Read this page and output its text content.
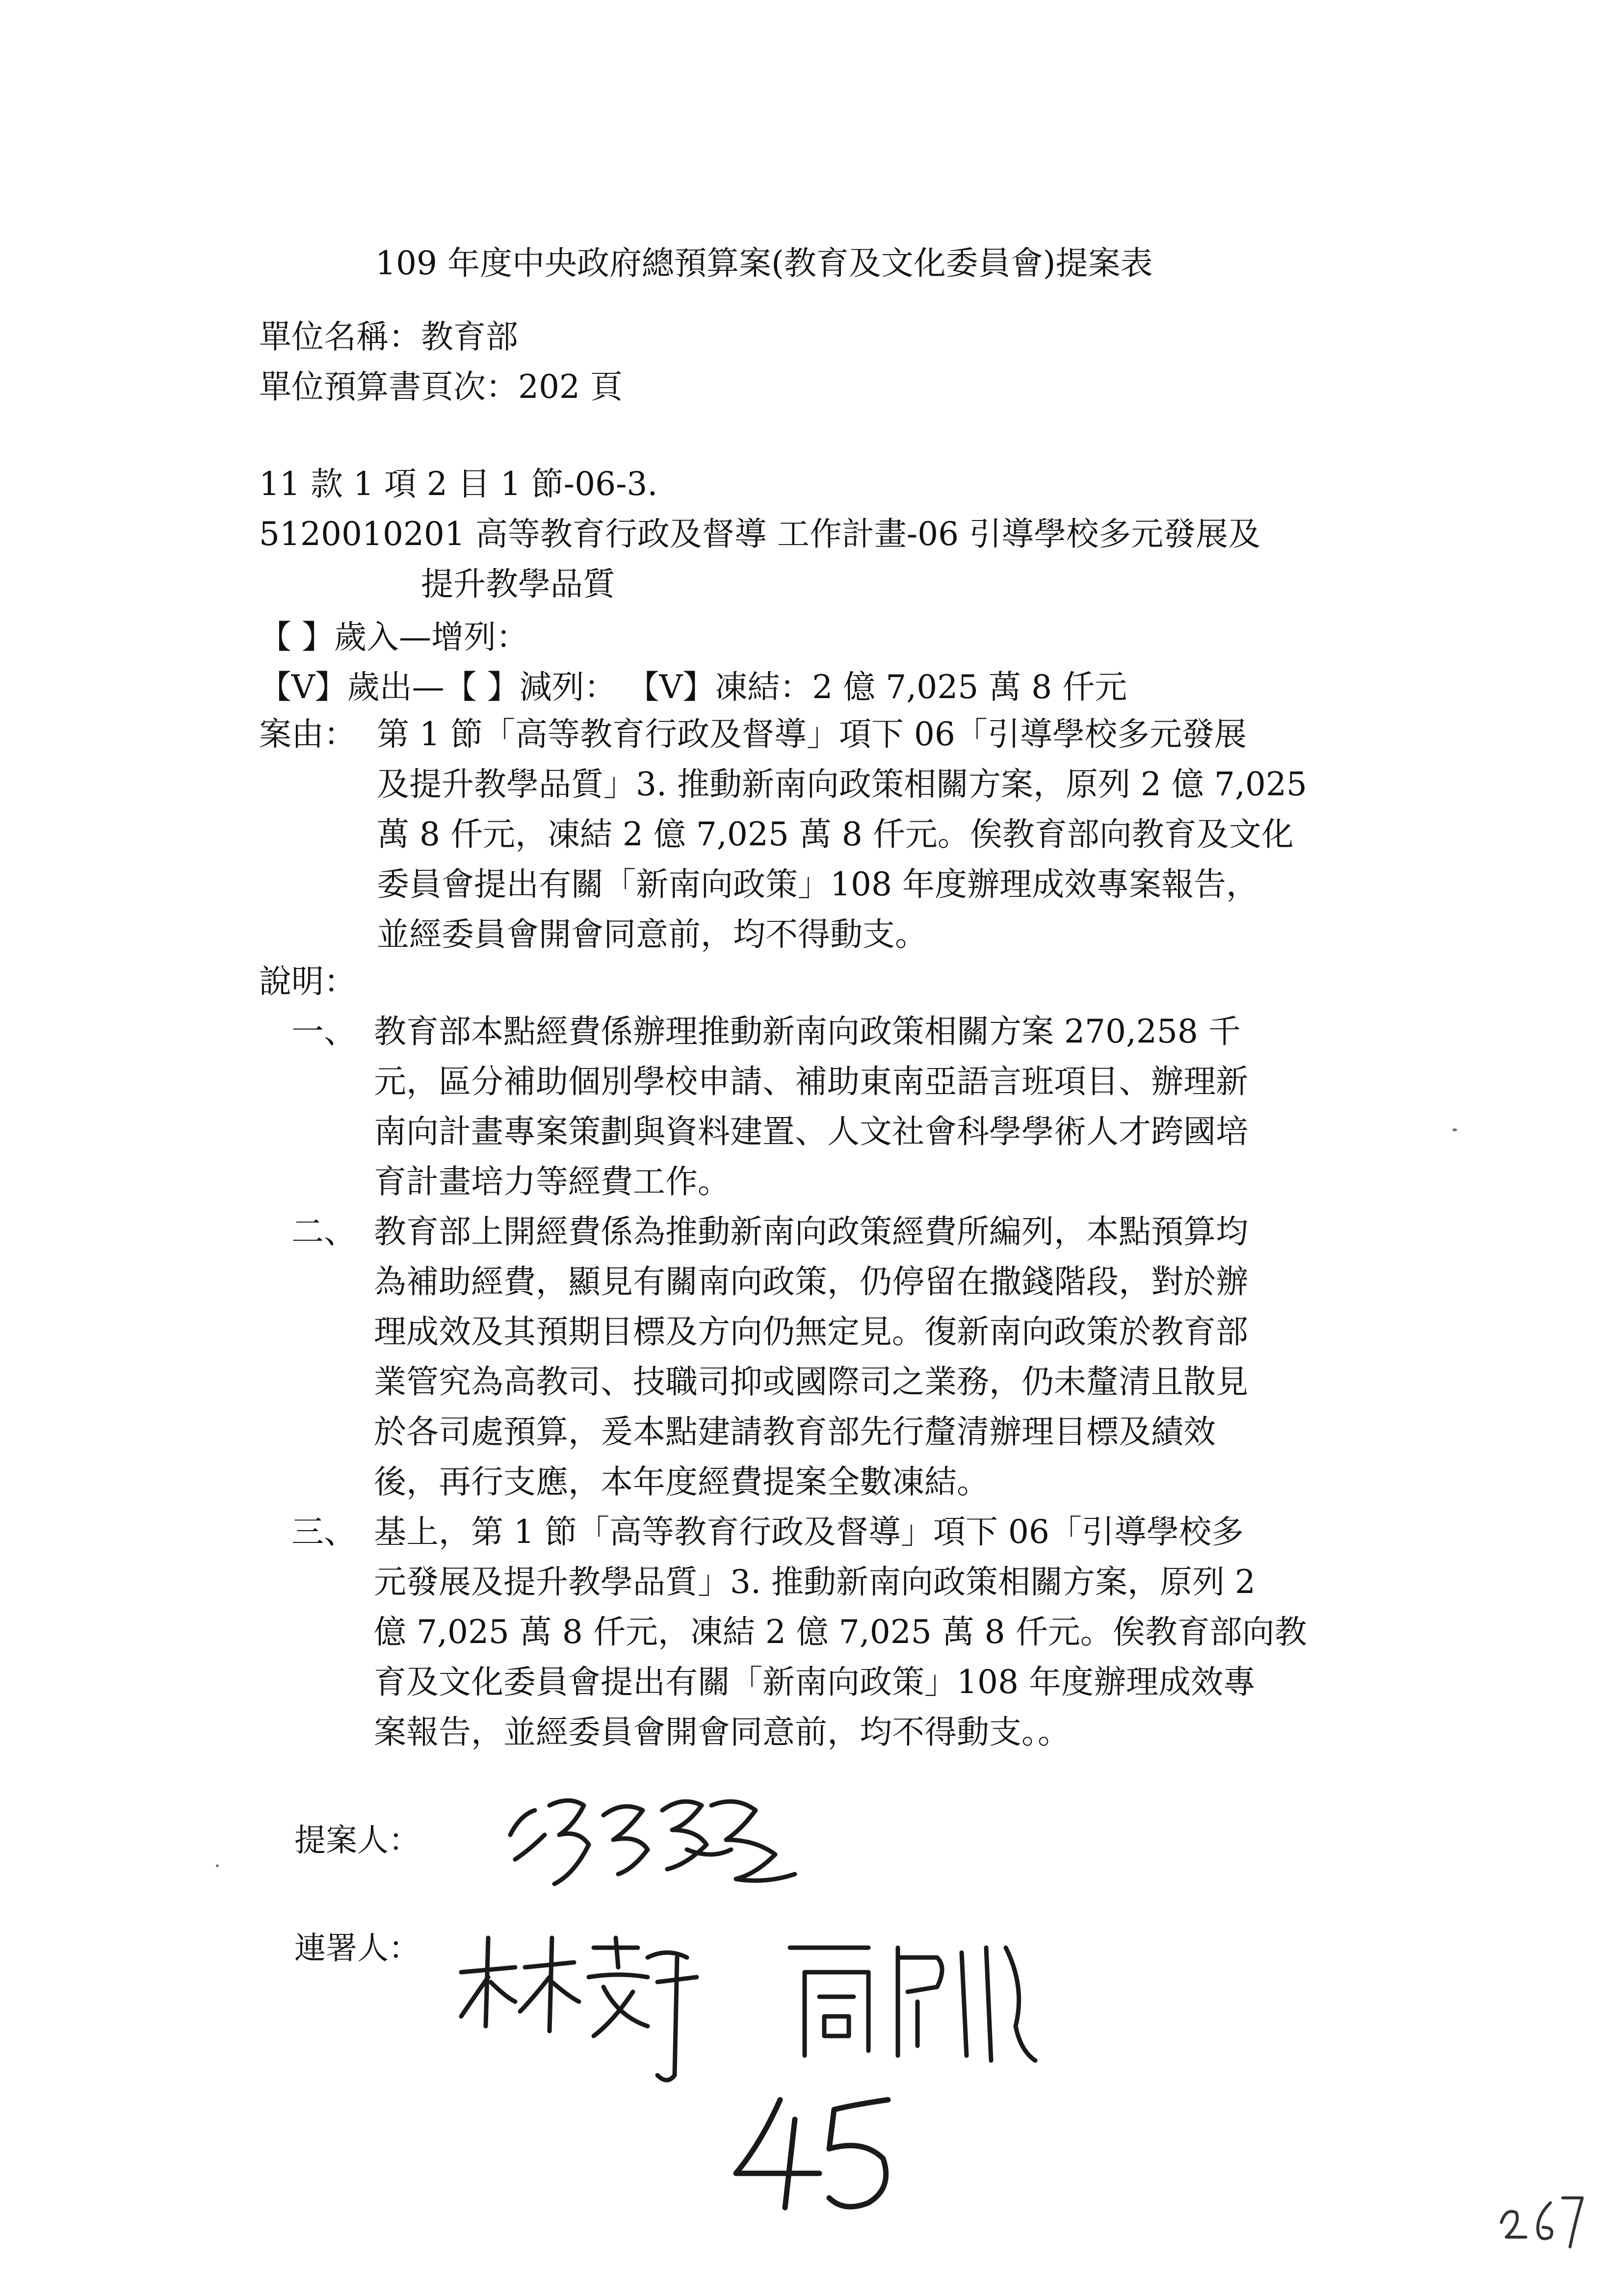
109 年度中央政府總預算案(教育及文化委員會)提案表
單位名稱：教育部
單位預算書頁次：202 頁
11 款 1 項 2 目 1 節-06-3.
5120010201 高等教育行政及督導 工作計畫-06 引導學校多元發展及
提升教學品質
【 】歲入—增列：
【V】歲出—【 】減列： 【V】凍結：2 億 7,025 萬 8 仟元
案由： 第 1 節「高等教育行政及督導」項下 06「引導學校多元發展
及提升教學品質」3. 推動新南向政策相關方案，原列 2 億 7,025
萬 8 仟元，凍結 2 億 7,025 萬 8 仟元。俟教育部向教育及文化
委員會提出有關「新南向政策」108 年度辦理成效專案報告，
並經委員會開會同意前，均不得動支。
說明：
一、 教育部本點經費係辦理推動新南向政策相關方案 270,258 千
元，區分補助個別學校申請、補助東南亞語言班項目、辦理新
南向計畫專案策劃與資料建置、人文社會科學學術人才跨國培
育計畫培力等經費工作。
二、 教育部上開經費係為推動新南向政策經費所編列，本點預算均
為補助經費，顯見有關南向政策，仍停留在撒錢階段，對於辦
理成效及其預期目標及方向仍無定見。復新南向政策於教育部
業管究為高教司、技職司抑或國際司之業務，仍未釐清且散見
於各司處預算，爰本點建請教育部先行釐清辦理目標及績效
後，再行支應，本年度經費提案全數凍結。
三、 基上，第 1 節「高等教育行政及督導」項下 06「引導學校多
元發展及提升教學品質」3. 推動新南向政策相關方案，原列 2
億 7,025 萬 8 仟元，凍結 2 億 7,025 萬 8 仟元。俟教育部向教
育及文化委員會提出有關「新南向政策」108 年度辦理成效專
案報告，並經委員會開會同意前，均不得動支。。
提案人：
連署人：
